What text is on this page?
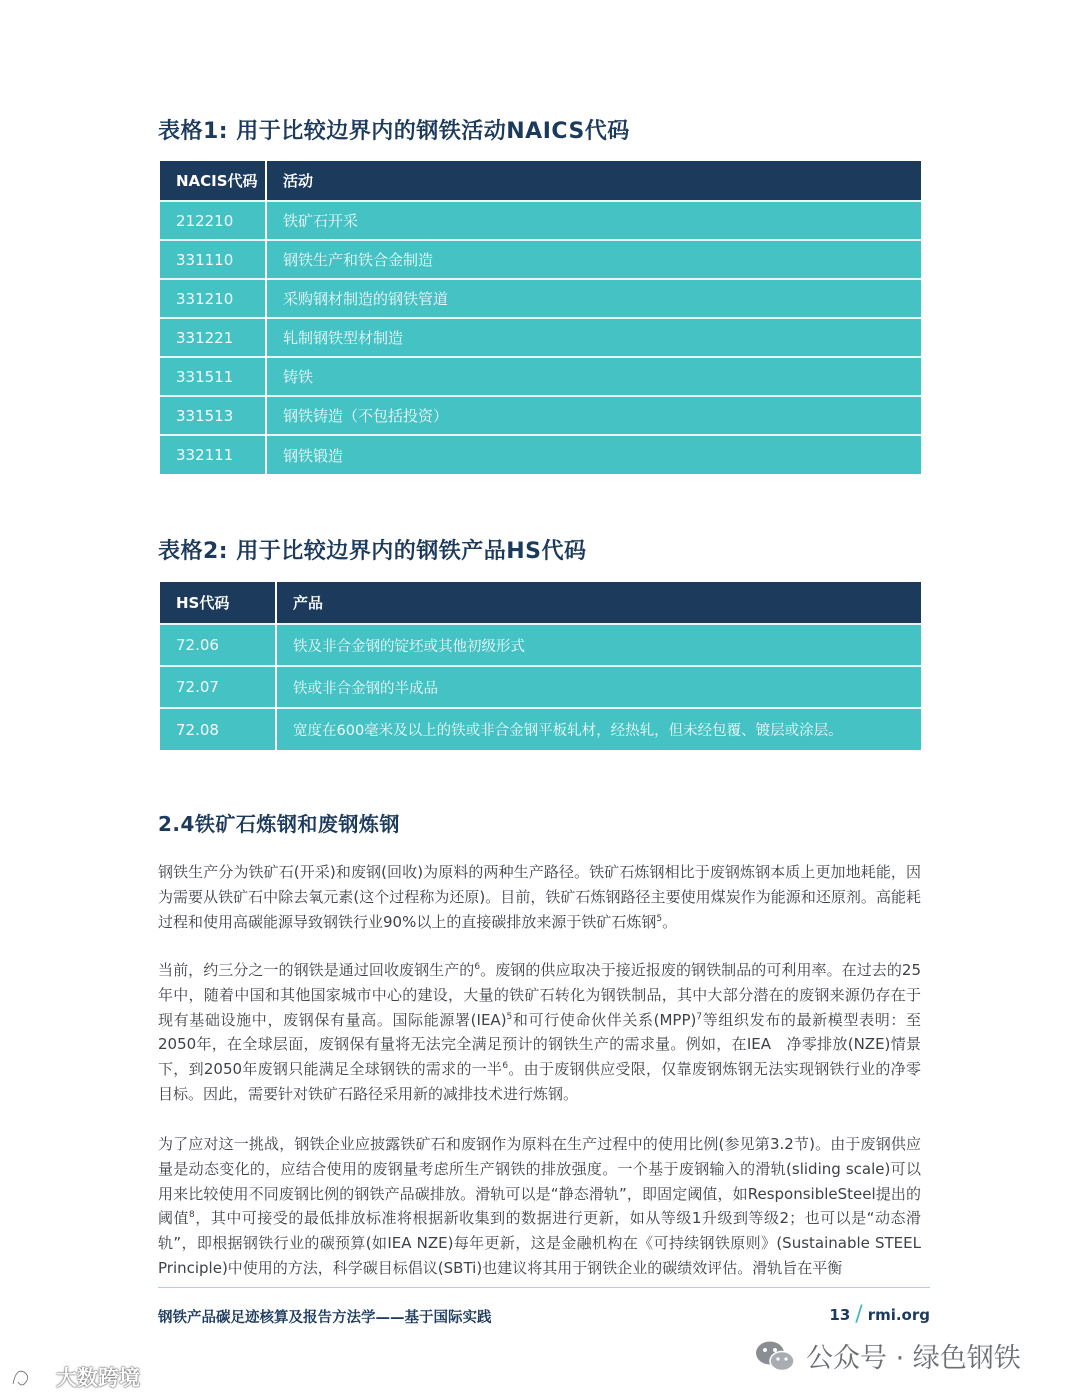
表格1: 用于比较边界内的钢铁活动NAICS代码
NACIS代码	活动
212210	铁矿石开采
331110	钢铁生产和铁合金制造
331210	采购钢材制造的钢铁管道
331221	轧制钢铁型材制造
331511	铸铁
331513	钢铁铸造（不包括投资）
332111	钢铁锻造
表格2: 用于比较边界内的钢铁产品HS代码
HS代码	产品
72.06	铁及非合金钢的锭坯或其他初级形式
72.07	铁或非合金钢的半成品
72.08	宽度在600毫米及以上的铁或非合金钢平板轧材，经热轧，但未经包覆、镀层或涂层。
2.4铁矿石炼钢和废钢炼钢

钢铁生产分为铁矿石(开采)和废钢(回收)为原料的两种生产路径。铁矿石炼钢相比于废钢炼钢本质上更加地耗能，因为需要从铁矿石中除去氧元素(这个过程称为还原)。目前，铁矿石炼钢路径主要使用煤炭作为能源和还原剂。高能耗过程和使用高碳能源导致钢铁行业90%以上的直接碳排放来源于铁矿石炼钢$^5$。

当前，约三分之一的钢铁是通过回收废钢生产的$^6$。废钢的供应取决于接近报废的钢铁制品的可利用率。在过去的25年中，随着中国和其他国家城市中心的建设，大量的铁矿石转化为钢铁制品，其中大部分潜在的废钢来源仍存在于现有基础设施中，废钢保有量高。国际能源署(IEA)$^5$和可行使命伙伴关系(MPP)$^7$等组织发布的最新模型表明：至2050年，在全球层面，废钢保有量将无法完全满足预计的钢铁生产的需求量。例如，在IEA　净零排放(NZE)情景下，到2050年废钢只能满足全球钢铁的需求的一半$^6$。由于废钢供应受限，仅靠废钢炼钢无法实现钢铁行业的净零目标。因此，需要针对铁矿石路径采用新的减排技术进行炼钢。

为了应对这一挑战，钢铁企业应披露铁矿石和废钢作为原料在生产过程中的使用比例(参见第3.2节)。由于废钢供应量是动态变化的，应结合使用的废钢量考虑所生产钢铁的排放强度。一个基于废钢输入的滑轨(sliding scale)可以用来比较使用不同废钢比例的钢铁产品碳排放。滑轨可以是“静态滑轨”，即固定阈值，如ResponsibleSteel提出的阈值$^8$，其中可接受的最低排放标准将根据新收集到的数据进行更新，如从等级1升级到等级2；也可以是“动态滑轨”，即根据钢铁行业的碳预算(如IEA NZE)每年更新，这是金融机构在《可持续钢铁原则》(Sustainable STEEL Principle)中使用的方法，科学碳目标倡议(SBTi)也建议将其用于钢铁企业的碳绩效评估。滑轨旨在平衡

钢铁产品碳足迹核算及报告方法学——基于国际实践	13 / rmi.org
公众号 · 绿色钢铁
大数跨境
